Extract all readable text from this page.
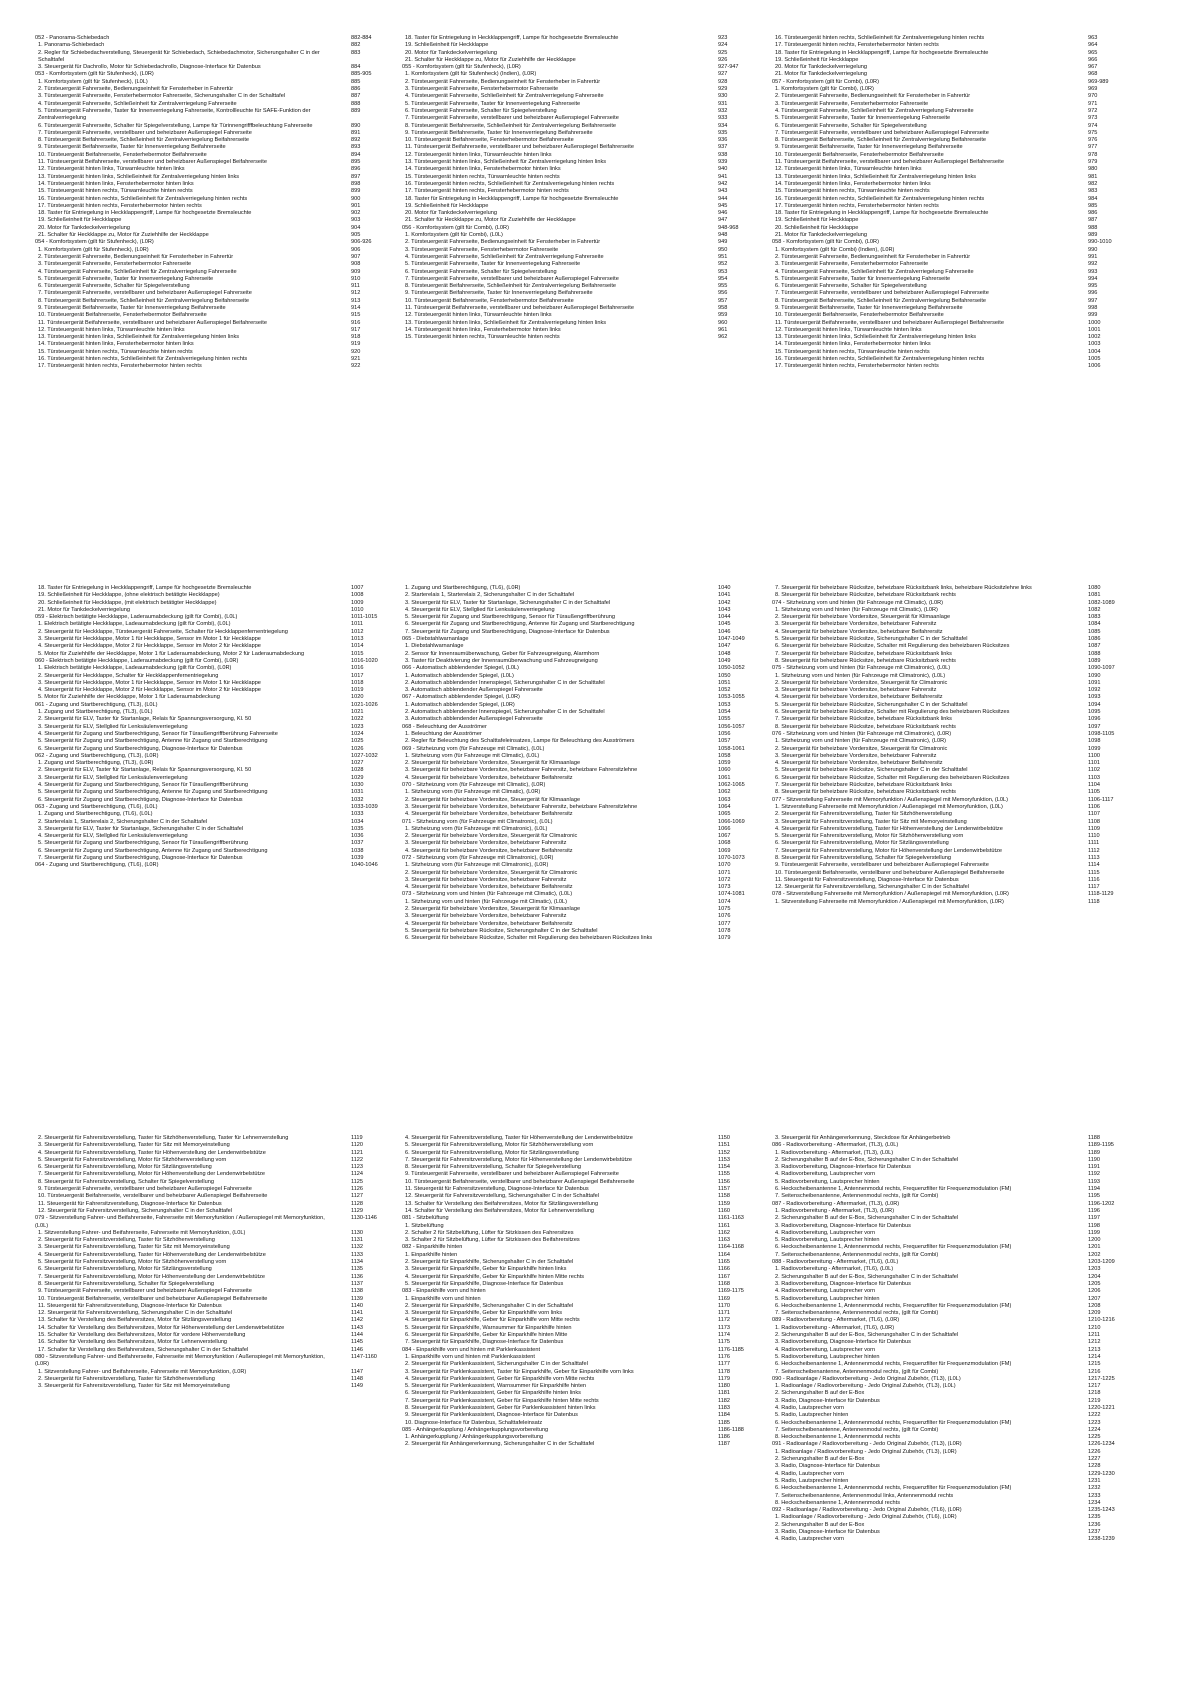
052 - Panorama-Schiebedach	882-884
1. Panorama-Schiebedach	882
2. Regler für Schiebedachverstellung, Steuergerät für Schiebedach, Schiebedachmotor, Sicherungshalter C in der Schalttafel
883
3. Steuergerät für Dachrollo, Motor für Schiebedachrollo, Diagnose-Interface für Datenbus	884
053 - Komfortsystem (gilt für Stufenheck), (L0R)	885-905
1. Komfortsystem (gilt für Stufenheck), (L0L)	885
2. Türsteuergerät Fahrerseite, Bedienungseinheit für Fensterheber in Fahrertür	886
3. Türsteuergerät Fahrerseite, Fensterhebermotor Fahrerseite, Sicherungshalter C in der Schalttafel	887
4. Türsteuergerät Fahrerseite, Schließeinheit für Zentralverriegelung Fahrerseite	888
5. Türsteuergerät Fahrerseite, Taster für Innenverriegelung Fahrerseite, Kontrollleuchte für SAFE-Funktion der Zentralverriegelung
889
6. Türsteuergerät Fahrerseite, Schalter für Spiegelverstellung, Lampe für Türinnengrifffbeleuchtung Fahrerseite	890
7. Türsteuergerät Fahrerseite, verstellbarer und beheizbarer Außenspiegel Fahrerseite	891
8. Türsteuergerät Beifahrerseite, Schließeinheit für Zentralverriegelung Beifahrerseite	892
9. Türsteuergerät Beifahrerseite, Taster für Innenverriegelung Beifahrerseite	893
10. Türsteuergerät Beifahrerseite, Fensterhebermotor Beifahrerseite	894
11. Türsteuergerät Beifahrerseite, verstellbarer und beheizbarer Außenspiegel Beifahrerseite	895
12. Türsteuergerät hinten links, Türwarnleuchte hinten links	896
13. Türsteuergerät hinten links, Schließeinheit für Zentralverriegelung hinten links	897
14. Türsteuergerät hinten links, Fensterhebermotor hinten links	898
15. Türsteuergerät hinten rechts, Türwarnleuchte hinten rechts	899
16. Türsteuergerät hinten rechts, Schließeinheit für Zentralverriegelung hinten rechts	900
17. Türsteuergerät hinten rechts, Fensterhebermotor hinten rechts	901
18. Taster für Entriegelung in Heckklappengriff, Lampe für hochgesetzte Bremsleuchte	902
19. Schließeinheit für Heckklappe	903
20. Motor für Tankdeckelverriegelung	904
21. Schalter für Heckklappe zu, Motor für Zuziehhilfe der Heckklappe	905
054 - Komfortsystem (gilt für Stufenheck), (L0R)	906-926
1. Komfortsystem (gilt für Stufenheck), (L0R)	906
2. Türsteuergerät Fahrerseite, Bedienungseinheit für Fensterheber in Fahrertür	907
3. Türsteuergerät Fahrerseite, Fensterhebermotor Fahrerseite	908
4. Türsteuergerät Fahrerseite, Schließeinheit für Zentralverriegelung Fahrerseite	909
5. Türsteuergerät Fahrerseite, Taster für Innenverriegelung Fahrerseite	910
6. Türsteuergerät Fahrerseite, Schalter für Spiegelverstellung	911
7. Türsteuergerät Fahrerseite, verstellbarer und beheizbarer Außenspiegel Fahrerseite	912
8. Türsteuergerät Beifahrerseite, Schließeinheit für Zentralverriegelung Beifahrerseite	913
9. Türsteuergerät Beifahrerseite, Taster für Innenverriegelung Beifahrerseite	914
10. Türsteuergerät Beifahrerseite, Fensterhebermotor Beifahrerseite	915
11. Türsteuergerät Beifahrerseite, verstellbarer und beheizbarer Außenspiegel Beifahrerseite	916
12. Türsteuergerät hinten links, Türwarnleuchte hinten links	917
13. Türsteuergerät hinten links, Schließeinheit für Zentralverriegelung hinten links	918
14. Türsteuergerät hinten links, Fensterhebermotor hinten links	919
15. Türsteuergerät hinten rechts, Türwarnleuchte hinten rechts	920
16. Türsteuergerät hinten rechts, Schließeinheit für Zentralverriegelung hinten rechts	921
17. Türsteuergerät hinten rechts, Fensterhebermotor hinten rechts	922
18. Taster für Entriegelung in Heckklappengriff, Lampe für hochgesetzte Bremsleuchte	923
19. Schließeinheit für Heckklappe	924
20. Motor für Tankdeckelverriegelung	925
21. Schalter für Heckklappe zu, Motor für Zuziehhilfe der Heckklappe	926
055 - Komfortsystem (gilt für Stufenheck), (L0R)	927-947
1. Komfortsystem (gilt für Stufenheck) (Indien), (L0R)	927
2. Türsteuergerät Fahrerseite, Bedienungseinheit für Fensterheber in Fahrertür	928
3. Türsteuergerät Fahrerseite, Fensterhebermotor Fahrerseite	929
4. Türsteuergerät Fahrerseite, Schließeinheit für Zentralverriegelung Fahrerseite	930
5. Türsteuergerät Fahrerseite, Taster für Innenverriegelung Fahrerseite	931
6. Türsteuergerät Fahrerseite, Schalter für Spiegelverstellung	932
7. Türsteuergerät Fahrerseite, verstellbarer und beheizbarer Außenspiegel Fahrerseite	933
8. Türsteuergerät Beifahrerseite, Schließeinheit für Zentralverriegelung Beifahrerseite	934
9. Türsteuergerät Beifahrerseite, Taster für Innenverriegelung Beifahrerseite	935
10. Türsteuergerät Beifahrerseite, Fensterhebermotor Beifahrerseite	936
11. Türsteuergerät Beifahrerseite, verstellbarer und beheizbarer Außenspiegel Beifahrerseite	937
12. Türsteuergerät hinten links, Türwarnleuchte hinten links	938
13. Türsteuergerät hinten links, Schließeinheit für Zentralverriegelung hinten links	939
14. Türsteuergerät hinten links, Fensterhebermotor hinten links	940
15. Türsteuergerät hinten rechts, Türwarnleuchte hinten rechts	941
16. Türsteuergerät hinten rechts, Schließeinheit für Zentralverriegelung hinten rechts	942
17. Türsteuergerät hinten rechts, Fensterhebermotor hinten rechts	943
18. Taster für Entriegelung in Heckklappengriff, Lampe für hochgesetzte Bremsleuchte	944
19. Schließeinheit für Heckklappe	945
20. Motor für Tankdeckelverriegelung	946
21. Schalter für Heckklappe zu, Motor für Zuziehhilfe der Heckklappe	947
056 - Komfortsystem (gilt für Combi), (L0R)	948-968
1. Komfortsystem (gilt für Combi), (L0L)	948
2. Türsteuergerät Fahrerseite, Bedienungseinheit für Fensterheber in Fahrertür	949
3. Türsteuergerät Fahrerseite, Fensterhebermotor Fahrerseite	950
4. Türsteuergerät Fahrerseite, Schließeinheit für Zentralverriegelung Fahrerseite	951
5. Türsteuergerät Fahrerseite, Taster für Innenverriegelung Fahrerseite	952
6. Türsteuergerät Fahrerseite, Schalter für Spiegelverstellung	953
7. Türsteuergerät Fahrerseite, verstellbarer und beheizbarer Außenspiegel Fahrerseite	954
8. Türsteuergerät Beifahrerseite, Schließeinheit für Zentralverriegelung Beifahrerseite	955
9. Türsteuergerät Beifahrerseite, Taster für Innenverriegelung Beifahrerseite	956
10. Türsteuergerät Beifahrerseite, Fensterhebermotor Beifahrerseite	957
11. Türsteuergerät Beifahrerseite, verstellbarer und beheizbarer Außenspiegel Beifahrerseite	958
12. Türsteuergerät hinten links, Türwarnleuchte hinten links	959
13. Türsteuergerät hinten links, Schließeinheit für Zentralverriegelung hinten links	960
14. Türsteuergerät hinten links, Fensterhebermotor hinten links	961
15. Türsteuergerät hinten rechts, Türwarnleuchte hinten rechts	962
16. Türsteuergerät hinten rechts, Schließeinheit für Zentralverriegelung hinten rechts	963
17. Türsteuergerät hinten rechts, Fensterhebermotor hinten rechts	964
18. Taster für Entriegelung in Heckklappengriff, Lampe für hochgesetzte Bremsleuchte	965
19. Schließeinheit für Heckklappe	966
20. Motor für Tankdeckelverriegelung	967
21. Motor für Tankdeckelverriegelung	968
057 - Komfortsystem (gilt für Combi), (L0R)	969-989
1. Komfortsystem (gilt für Combi), (L0R)	969
2. Türsteuergerät Fahrerseite, Bedienungseinheit für Fensterheber in Fahrertür	970
3. Türsteuergerät Fahrerseite, Fensterhebermotor Fahrerseite	971
4. Türsteuergerät Fahrerseite, Schließeinheit für Zentralverriegelung Fahrerseite	972
5. Türsteuergerät Fahrerseite, Taster für Innenverriegelung Fahrerseite	973
6. Türsteuergerät Fahrerseite, Schalter für Spiegelverstellung	974
7. Türsteuergerät Fahrerseite, verstellbarer und beheizbarer Außenspiegel Fahrerseite	975
8. Türsteuergerät Beifahrerseite, Schließeinheit für Zentralverriegelung Beifahrerseite	976
9. Türsteuergerät Beifahrerseite, Taster für Innenverriegelung Beifahrerseite	977
10. Türsteuergerät Beifahrerseite, Fensterhebermotor Beifahrerseite	978
11. Türsteuergerät Beifahrerseite, verstellbarer und beheizbarer Außenspiegel Beifahrerseite	979
12. Türsteuergerät hinten links, Türwarnleuchte hinten links	980
13. Türsteuergerät hinten links, Schließeinheit für Zentralverriegelung hinten links	981
14. Türsteuergerät hinten links, Fensterhebermotor hinten links	982
15. Türsteuergerät hinten rechts, Türwarnleuchte hinten rechts	983
16. Türsteuergerät hinten rechts, Schließeinheit für Zentralverriegelung hinten rechts	984
17. Türsteuergerät hinten rechts, Fensterhebermotor hinten rechts	985
18. Taster für Entriegelung in Heckklappengriff, Lampe für hochgesetzte Bremsleuchte	986
19. Schließeinheit für Heckklappe	987
20. Schließeinheit für Heckklappe	988
21. Motor für Tankdeckelverriegelung	989
058 - Komfortsystem (gilt für Combi), (L0R)	990-1010
1. Komfortsystem (gilt für Combi) (Indien), (L0R)	990
2. Türsteuergerät Fahrerseite, Bedienungseinheit für Fensterheber in Fahrertür	991
3. Türsteuergerät Fahrerseite, Fensterhebermotor Fahrerseite	992
4. Türsteuergerät Fahrerseite, Schließeinheit für Zentralverriegelung Fahrerseite	993
5. Türsteuergerät Fahrerseite, Taster für Innenverriegelung Fahrerseite	994
6. Türsteuergerät Fahrerseite, Schalter für Spiegelverstellung	995
7. Türsteuergerät Fahrerseite, verstellbarer und beheizbarer Außenspiegel Fahrerseite	996
8. Türsteuergerät Beifahrerseite, Schließeinheit für Zentralverriegelung Beifahrerseite	997
9. Türsteuergerät Beifahrerseite, Taster für Innenverriegelung Beifahrerseite	998
10. Türsteuergerät Beifahrerseite, Fensterhebermotor Beifahrerseite	999
11. Türsteuergerät Beifahrerseite, verstellbarer und beheizbarer Außenspiegel Beifahrerseite	1000
12. Türsteuergerät hinten links, Türwarnleuchte hinten links	1001
13. Türsteuergerät hinten links, Schließeinheit für Zentralverriegelung hinten links	1002
14. Türsteuergerät hinten links, Fensterhebermotor hinten links	1003
15. Türsteuergerät hinten rechts, Türwarnleuchte hinten rechts	1004
16. Türsteuergerät hinten rechts, Schließeinheit für Zentralverriegelung hinten rechts	1005
17. Türsteuergerät hinten rechts, Fensterhebermotor hinten rechts	1006
18. Taster für Entriegelung in Heckklappengriff, Lampe für hochgesetzte Bremsleuchte	1007
19. Schließeinheit für Heckklappe, (ohne elektrisch betätigte Heckklappe)	1008
20. Schließeinheit für Heckklappe, (mit elektrisch betätigter Heckklappe)	1009
21. Motor für Tankdeckelverriegelung	1010
059 - Elektrisch betätigte Heckklappe, Laderaumabdeckung (gilt für Combi), (L0L)	1011-1015
1. Elektrisch betätigte Heckklappe, Ladeaumabdeckung (gilt für Combi), (L0L)	1011
2. Steuergerät für Heckklappe, Türsteuergerät Fahrerseite, Schalter für Heckklappenfernentriegelung	1012
3. Steuergerät für Heckklappe, Motor 1 für Heckklappe, Sensor im Motor 1 für Heckklappe	1013
4. Steuergerät für Heckklappe, Motor 2 für Heckklappe, Sensor im Motor 2 für Heckklappe	1014
5. Motor für Zuziehhilfe der Heckklappe, Motor 1 für Laderaumabdeckung, Motor 2 für Laderaumabdeckung	1015
060 - Elektrisch betätigte Heckklappe, Laderaumabdeckung (gilt für Combi), (L0R)	1016-1020
1. Elektrisch betätigte Heckklappe, Ladeaumabdeckung (gilt für Combi), (L0R)	1016
2. Steuergerät für Heckklappe, Schalter für Heckklappenfernentriegelung	1017
3. Steuergerät für Heckklappe, Motor 1 für Heckklappe, Sensor im Motor 1 für Heckklappe	1018
4. Steuergerät für Heckklappe, Motor 2 für Heckklappe, Sensor im Motor 2 für Heckklappe	1019
5. Motor für Zuziehhilfe der Heckklappe, Motor 1 für Laderaumabdeckung	1020
061 - Zugang und Startberechtigung, (TL3), (L0L)	1021-1026
1. Zugang und Startberechtigung, (TL3), (L0L)	1021
2. Steuergerät für ELV, Taster für Startanlage, Relais für Spannungsversorgung, Kl. 50	1022
3. Steuergerät für ELV, Stellglied für Lenksäulenverriegelung	1023
4. Steuergerät für Zugang und Startberechtigung, Sensor für Türaußengriffberührung Fahrerseite	1024
5. Steuergerät für Zugang und Startberechtigung, Antenne für Zugang und Startberechtigung	1025
6. Steuergerät für Zugang und Startberechtigung, Diagnose-Interface für Datenbus	1026
062 - Zugang und Startberechtigung, (TL3), (L0R)	1027-1032
1. Zugang und Startberechtigung, (TL3), (L0R)	1027
2. Steuergerät für ELV, Taster für Startanlage, Relais für Spannungsversorgung, Kl. 50	1028
3. Steuergerät für ELV, Stellglied für Lenksäulenverriegelung	1029
4. Steuergerät für Zugang und Startberechtigung, Sensor für Türaußengriffberührung	1030
5. Steuergerät für Zugang und Startberechtigung, Antenne für Zugang und Startberechtigung	1031
6. Steuergerät für Zugang und Startberechtigung, Diagnose-Interface für Datenbus	1032
063 - Zugang und Startberechtigung, (TL6), (L0L)	1033-1039
1. Zugang und Startberechtigung, (TL6), (L0L)	1033
2. Starterelais 1, Starterelais 2, Sicherungshalter C in der Schalttafel	1034
3. Steuergerät für ELV, Taster für Startanlage, Sicherungshalter C in der Schalttafel	1035
4. Steuergerät für ELV, Stellglied für Lenksäulenverriegelung	1036
5. Steuergerät für Zugang und Startberechtigung, Sensor für Türaußengriffberührung	1037
6. Steuergerät für Zugang und Startberechtigung, Antenne für Zugang und Startberechtigung	1038
7. Steuergerät für Zugang und Startberechtigung, Diagnose-Interface für Datenbus	1039
064 - Zugang und Startberechtigung, (TL6), (L0R)	1040-1046
1. Zugang und Startberechtigung, (TL6), (L0R)	1040
2. Starterelais 1, Starterelais 2, Sicherungshalter C in der Schalttafel	1041
3. Steuergerät für ELV, Taster für Startanlage, Sicherungshalter C in der Schalttafel	1042
4. Steuergerät für ELV, Stellglied für Lenksäulenverriegelung	1043
5. Steuergerät für Zugang und Startberechtigung, Sensor für Türaußengriffberührung	1044
6. Steuergerät für Zugang und Startberechtigung, Antenne für Zugang und Startberechtigung	1045
7. Steuergerät für Zugang und Startberechtigung, Diagnose-Interface für Datenbus	1046
065 - Diebstahlwarnanlage	1047-1049
1. Diebstahlwarnanlage	1047
2. Sensor für Innenraumüberwachung, Geber für Fahrzeugneigung, Alarmhorn	1048
3. Taster für Deaktivierung der Innenraumüberwachung und Fahrzeugneigung	1049
066 - Automatisch abblendender Spiegel, (L0L)	1050-1052
1. Automatisch abblendender Spiegel, (L0L)	1050
2. Automatisch abblendender Innenspiegel, Sicherungshalter C in der Schalttafel	1051
3. Automatisch abblendender Außenspiegel Fahrerseite	1052
067 - Automatisch abblendender Spiegel, (L0R)	1053-1055
1. Automatisch abblendender Spiegel, (L0R)	1053
2. Automatisch abblendender Innenspiegel, Sicherungshalter C in der Schalttafel	1054
3. Automatisch abblendender Außenspiegel Fahrerseite	1055
068 - Beleuchtung der Ausströmer	1056-1057
1. Beleuchtung der Ausströmer	1056
2. Regler für Beleuchtung des Schalttafeleinsatzes, Lampe für Beleuchtung des Ausströmers	1057
069 - Sitzheizung vorn (für Fahrzeuge mit Climatic), (L0L)	1058-1061
1. Sitzheizung vorn (für Fahrzeuge mit Climatic), (L0L)	1058
2. Steuergerät für beheizbare Vordersitze, Steuergerät für Klimaanlage	1059
3. Steuergerät für beheizbare Vordersitze, beheizbarer Fahrersitz, beheizbare Fahrersitzlehne	1060
4. Steuergerät für beheizbare Vordersitze, beheizbarer Beifahrersitz	1061
070 - Sitzheizung vorn (für Fahrzeuge mit Climatic), (L0R)	1062-1065
1. Sitzheizung vorn (für Fahrzeuge mit Climatic), (L0R)	1062
2. Steuergerät für beheizbare Vordersitze, Steuergerät für Klimaanlage	1063
3. Steuergerät für beheizbare Vordersitze, beheizbarer Fahrersitz, beheizbare Fahrersitzlehne	1064
4. Steuergerät für beheizbare Vordersitze, beheizbarer Beifahrersitz	1065
071 - Sitzheizung vorn (für Fahrzeuge mit Climatronic), (L0L)	1066-1069
1. Sitzheizung vorn (für Fahrzeuge mit Climatronic), (L0L)	1066
2. Steuergerät für beheizbare Vordersitze, Steuergerät für Climatronic	1067
3. Steuergerät für beheizbare Vordersitze, beheizbarer Fahrersitz	1068
4. Steuergerät für beheizbare Vordersitze, beheizbarer Beifahrersitz	1069
072 - Sitzheizung vorn (für Fahrzeuge mit Climatronic), (L0R)	1070-1073
1. Sitzheizung vorn (für Fahrzeuge mit Climatronic), (L0R)	1070
2. Steuergerät für beheizbare Vordersitze, Steuergerät für Climatronic	1071
3. Steuergerät für beheizbare Vordersitze, beheizbarer Fahrersitz	1072
4. Steuergerät für beheizbare Vordersitze, beheizbarer Beifahrersitz	1073
073 - Sitzheizung vorn und hinten (für Fahrzeuge mit Climatic), (L0L)	1074-1081
1. Sitzheizung vorn und hinten (für Fahrzeuge mit Climatic), (L0L)	1074
2. Steuergerät für beheizbare Vordersitze, Steuergerät für Klimaanlage	1075
3. Steuergerät für beheizbare Vordersitze, beheizbarer Fahrersitz	1076
4. Steuergerät für beheizbare Vordersitze, beheizbarer Beifahrersitz	1077
5. Steuergerät für beheizbare Rücksitze, Sicherungshalter C in der Schalttafel	1078
6. Steuergerät für beheizbare Rücksitze, Schalter mit Regulierung des beheizbaren Rücksitzes links	1079
7. Steuergerät für beheizbare Rücksitze, beheizbare Rücksitzbank links, beheizbare Rücksitzlehne links	1080
8. Steuergerät für beheizbare Rücksitze, beheizbare Rücksitzbank rechts	1081
074 - Sitzheizung vorn und hinten (für Fahrzeuge mit Climatic), (L0R)	1082-1089
1. Sitzheizung vorn und hinten (für Fahrzeuge mit Climatic), (L0R)	1082
2. Steuergerät für beheizbare Vordersitze, Steuergerät für Klimaanlage	1083
3. Steuergerät für beheizbare Vordersitze, beheizbarer Fahrersitz	1084
4. Steuergerät für beheizbare Vordersitze, beheizbarer Beifahrersitz	1085
5. Steuergerät für beheizbare Rücksitze, Sicherungshalter C in der Schalttafel	1086
6. Steuergerät für beheizbare Rücksitze, Schalter mit Regulierung des beheizbaren Rücksitzes	1087
7. Steuergerät für beheizbare Rücksitze, beheizbare Rücksitzbank links	1088
8. Steuergerät für beheizbare Rücksitze, beheizbare Rücksitzbank rechts	1089
075 - Sitzheizung vorn und hinten (für Fahrzeuge mit Climatronic), (L0L)	1090-1097
1. Sitzheizung vorn und hinten (für Fahrzeuge mit Climatronic), (L0L)	1090
2. Steuergerät für beheizbare Vordersitze, Steuergerät für Climatronic	1091
3. Steuergerät für beheizbare Vordersitze, beheizbarer Fahrersitz	1092
4. Steuergerät für beheizbare Vordersitze, beheizbarer Beifahrersitz	1093
5. Steuergerät für beheizbare Rücksitze, Sicherungshalter C in der Schalttafel	1094
6. Steuergerät für beheizbare Rücksitze, Schalter mit Regulierung des beheizbaren Rücksitzes	1095
7. Steuergerät für beheizbare Rücksitze, beheizbare Rücksitzbank links	1096
8. Steuergerät für beheizbare Rücksitze, beheizbare Rücksitzbank rechts	1097
076 - Sitzheizung vorn und hinten (für Fahrzeuge mit Climatronic), (L0R)	1098-1105
1. Sitzheizung vorn und hinten (für Fahrzeuge mit Climatronic), (L0R)	1098
2. Steuergerät für beheizbare Vordersitze, Steuergerät für Climatronic	1099
3. Steuergerät für beheizbare Vordersitze, beheizbarer Fahrersitz	1100
4. Steuergerät für beheizbare Vordersitze, beheizbarer Beifahrersitz	1101
5. Steuergerät für beheizbare Rücksitze, Sicherungshalter C in der Schalttafel	1102
6. Steuergerät für beheizbare Rücksitze, Schalter mit Regulierung des beheizbaren Rücksitzes	1103
7. Steuergerät für beheizbare Rücksitze, beheizbare Rücksitzbank links	1104
8. Steuergerät für beheizbare Rücksitze, beheizbare Rücksitzbank rechts	1105
077 - Sitzverstellung Fahrerseite mit Memoryfunktion / Außenspiegel mit Memoryfunktion, (L0L)	1106-1117
1. Sitzverstellung Fahrerseite mit Memoryfunktion / Außenspiegel mit Memoryfunktion, (L0L)	1106
2. Steuergerät für Fahrersitzverstellung, Taster für Sitzhöhenverstellung	1107
3. Steuergerät für Fahrersitzverstellung, Taster für Sitz mit Memoryeinstellung	1108
4. Steuergerät für Fahrersitzverstellung, Taster für Höhenverstellung der Lendenwirbelstütze	1109
5. Steuergerät für Fahrersitzverstellung, Motor für Sitzhöhenverstellung vorn	1110
6. Steuergerät für Fahrersitzverstellung, Motor für Sitzlängsverstellung	1111
7. Steuergerät für Fahrersitzverstellung, Motor für Höhenverstellung der Lendenwirbelstütze	1112
8. Steuergerät für Fahrersitzverstellung, Schalter für Spiegelverstellung	1113
9. Türsteuergerät Fahrerseite, verstellbarer und beheizbarer Außenspiegel Fahrerseite	1114
10. Türsteuergerät Beifahrerseite, verstellbarer und beheizbarer Außenspiegel Beifahrerseite	1115
11. Steuergerät für Fahrersitzverstellung, Diagnose-Interface für Datenbus	1116
12. Steuergerät für Fahrersitzverstellung, Sicherungshalter C in der Schalttafel	1117
078 - Sitzverstellung Fahrerseite mit Memoryfunktion / Außenspiegel mit Memoryfunktion, (L0R)	1118-1129
1. Sitzverstellung Fahrerseite mit Memoryfunktion / Außenspiegel mit Memoryfunktion, (L0R)	1118
2. Steuergerät für Fahrersitzverstellung, Taster für Sitzhöhenverstellung, Taster für Lehnenverstellung	1119
3. Steuergerät für Fahrersitzverstellung, Taster für Sitz mit Memoryeinstellung	1120
4. Steuergerät für Fahrersitzverstellung, Taster für Höhenverstellung der Lendenwirbelstütze	1121
5. Steuergerät für Fahrersitzverstellung, Motor für Sitzhöhenverstellung vorn	1122
6. Steuergerät für Fahrersitzverstellung, Motor für Sitzlängsverstellung	1123
7. Steuergerät für Fahrersitzverstellung, Motor für Höhenverstellung der Lendenwirbelstütze	1124
8. Steuergerät für Fahrersitzverstellung, Schalter für Spiegelverstellung	1125
9. Türsteuergerät Fahrerseite, verstellbarer und beheizbarer Außenspiegel Fahrerseite	1126
10. Türsteuergerät Beifahrerseite, verstellbarer und beheizbarer Außenspiegel Beifahrerseite	1127
11. Steuergerät für Fahrersitzverstellung, Diagnose-Interface für Datenbus	1128
12. Steuergerät für Fahrersitzverstellung, Sicherungshalter C in der Schalttafel	1129
079 - Sitzverstellung Fahrer- und Beifahrerseite, Fahrerseite mit Memoryfunktion / Außenspiegel mit Memoryfunktion, (L0L)
1130-1146
1. Sitzverstellung Fahrer- und Beifahrerseite, Fahrerseite mit Memoryfunktion, (L0L)	1130
2. Steuergerät für Fahrersitzverstellung, Taster für Sitzhöhenverstellung	1131
3. Steuergerät für Fahrersitzverstellung, Taster für Sitz mit Memoryeinstellung	1132
4. Steuergerät für Fahrersitzverstellung, Taster für Höhenverstellung der Lendenwirbelstütze	1133
5. Steuergerät für Fahrersitzverstellung, Motor für Sitzhöhenverstellung vorn	1134
6. Steuergerät für Fahrersitzverstellung, Motor für Sitzlängsverstellung	1135
7. Steuergerät für Fahrersitzverstellung, Motor für Höhenverstellung der Lendenwirbelstütze	1136
8. Steuergerät für Fahrersitzverstellung, Schalter für Spiegelverstellung	1137
9. Türsteuergerät Fahrerseite, verstellbarer und beheizbarer Außenspiegel Fahrerseite	1138
10. Türsteuergerät Beifahrerseite, verstellbarer und beheizbarer Außenspiegel Beifahrerseite	1139
11. Steuergerät für Fahrersitzverstellung, Diagnose-Interface für Datenbus	1140
12. Steuergerät für Fahrersitzverstellung, Sicherungshalter C in der Schalttafel	1141
13. Schalter für Verstellung des Beifahrersitzes, Motor für Sitzlängsverstellung	1142
14. Schalter für Verstellung des Beifahrersitzes, Motor für Höhenverstellung der Lendenwirbelstütze	1143
15. Schalter für Verstellung des Beifahrersitzes, Motor für vordere Höhenverstellung	1144
16. Schalter für Verstellung des Beifahrersitzes, Motor für Lehnenverstellung	1145
17. Schalter für Verstellung des Beifahrersitzes, Sicherungshalter C in der Schalttafel	1146
080 - Sitzverstellung Fahrer- und Beifahrerseite, Fahrerseite mit Memoryfunktion / Außenspiegel mit Memoryfunktion, (L0R)
1147-1160
1. Sitzverstellung Fahrer- und Beifahrerseite, Fahrerseite mit Memoryfunktion, (L0R)	1147
2. Steuergerät für Fahrersitzverstellung, Taster für Sitzhöhenverstellung	1148
3. Steuergerät für Fahrersitzverstellung, Taster für Sitz mit Memoryeinstellung	1149
4. Steuergerät für Fahrersitzverstellung, Taster für Höhenverstellung der Lendenwirbelstütze	1150
5. Steuergerät für Fahrersitzverstellung, Motor für Sitzhöhenverstellung vorn	1151
6. Steuergerät für Fahrersitzverstellung, Motor für Sitzlängsverstellung	1152
7. Steuergerät für Fahrersitzverstellung, Motor für Höhenverstellung der Lendenwirbelstütze	1153
8. Steuergerät für Fahrersitzverstellung, Schalter für Spiegelverstellung	1154
9. Türsteuergerät Fahrerseite, verstellbarer und beheizbarer Außenspiegel Fahrerseite	1155
10. Türsteuergerät Beifahrerseite, verstellbarer und beheizbarer Außenspiegel Beifahrerseite	1156
11. Steuergerät für Fahrersitzverstellung, Diagnose-Interface für Datenbus	1157
12. Steuergerät für Fahrersitzverstellung, Sicherungshalter C in der Schalttafel	1158
13. Schalter für Verstellung des Beifahrersitzes, Motor für Sitzlängsverstellung	1159
14. Schalter für Verstellung des Beifahrersitzes, Motor für Lehnenverstellung	1160
081 - Sitzbelüftung	1161-1163
1. Sitzbelüftung	1161
2. Schalter 2 für Sitzbelüftung, Lüfter für Sitzkissen des Fahrersitzes	1162
3. Schalter 2 für Sitzbelüftung, Lüfter für Sitzkissen des Beifahrersitzes	1163
082 - Einparkhilfe hinten	1164-1168
1. Einparkhilfe hinten	1164
2. Steuergerät für Einparkhilfe, Sicherungshalter C in der Schalttafel	1165
3. Steuergerät für Einparkhilfe, Geber für Einparkhilfe hinten links	1166
4. Steuergerät für Einparkhilfe, Geber für Einparkhilfe hinten Mitte rechts	1167
5. Steuergerät für Einparkhilfe, Diagnose-Interface für Datenbus	1168
083 - Einparkhilfe vorn und hinten	1169-1175
1. Einparkhilfe vorn und hinten	1169
2. Steuergerät für Einparkhilfe, Sicherungshalter C in der Schalttafel	1170
3. Steuergerät für Einparkhilfe, Geber für Einparkhilfe vorn links	1171
4. Steuergerät für Einparkhilfe, Geber für Einparkhilfe vorn Mitte rechts	1172
5. Steuergerät für Einparkhilfe, Warnsummer für Einparkhilfe hinten	1173
6. Steuergerät für Einparkhilfe, Geber für Einparkhilfe hinten Mitte	1174
7. Steuergerät für Einparkhilfe, Diagnose-Interface für Datenbus	1175
084 - Einparkhilfe vorn und hinten mit Parklenkassistent	1176-1185
1. Einparkhilfe vorn und hinten mit Parklenkassistent	1176
2. Steuergerät für Parklenkassistent, Sicherungshalter C in der Schalttafel	1177
3. Steuergerät für Parklenkassistent, Taster für Einparkhilfe, Geber für Einparkhilfe vorn links	1178
4. Steuergerät für Parklenkassistent, Geber für Einparkhilfe vorn Mitte rechts	1179
5. Steuergerät für Parklenkassistent, Warnsummer für Einparkhilfe hinten	1180
6. Steuergerät für Parklenkassistent, Geber für Einparkhilfe hinten links	1181
7. Steuergerät für Parklenkassistent, Geber für Einparkhilfe hinten Mitte rechts	1182
8. Steuergerät für Parklenkassistent, Geber für Parklenkassistent hinten links	1183
9. Steuergerät für Parklenkassistent, Diagnose-Interface für Datenbus	1184
10. Diagnose-Interface für Datenbus, Schalttafeleinsatz	1185
085 - Anhängerkupplung / Anhängerkupplungsvorbereitung	1186-1188
1. Anhängerkupplung / Anhängerkupplungsvorbereitung	1186
2. Steuergerät für Anhängererkennung, Sicherungshalter C in der Schalttafel	1187
3. Steuergerät für Anhängererkennung, Steckdose für Anhängerbetrieb	1188
086 - Radiovorbereitung - Aftermarket, (TL3), (L0L)	1189-1195
1. Radiovorbereitung - Aftermarket, (TL3), (L0L)	1189
2. Sicherungshalter B auf der E-Box, Sicherungshalter C in der Schalttafel	1190
3. Radiovorbereitung, Diagnose-Interface für Datenbus	1191
4. Radiovorbereitung, Lautsprecher vorn	1192
5. Radiovorbereitung, Lautsprecher hinten	1193
6. Heckscheibenantenne 1, Antennenmodul rechts, Frequenzfilter für Frequenzmodulation (FM)	1194
7. Seitenscheibenantenne, Antennenmodul rechts, (gilt für Combi)	1195
087 - Radiovorbereitung - Aftermarket, (TL3), (L0R)	1196-1202
1. Radiovorbereitung - Aftermarket, (TL3), (L0R)	1196
2. Sicherungshalter B auf der E-Box, Sicherungshalter C in der Schalttafel	1197
3. Radiovorbereitung, Diagnose-Interface für Datenbus	1198
4. Radiovorbereitung, Lautsprecher vorn	1199
5. Radiovorbereitung, Lautsprecher hinten	1200
6. Heckscheibenantenne 1, Antennenmodul rechts, Frequenzfilter für Frequenzmodulation (FM)	1201
7. Seitenscheibenantenne, Antennenmodul rechts, (gilt für Combi)	1202
088 - Radiovorbereitung - Aftermarket, (TL6), (L0L)	1203-1209
1. Radiovorbereitung - Aftermarket, (TL6), (L0L)	1203
2. Sicherungshalter B auf der E-Box, Sicherungshalter C in der Schalttafel	1204
3. Radiovorbereitung, Diagnose-Interface für Datenbus	1205
4. Radiovorbereitung, Lautsprecher vorn	1206
5. Radiovorbereitung, Lautsprecher hinten	1207
6. Heckscheibenantenne 1, Antennenmodul rechts, Frequenzfilter für Frequenzmodulation (FM)	1208
7. Seitenscheibenantenne, Antennenmodul rechts, (gilt für Combi)	1209
089 - Radiovorbereitung - Aftermarket, (TL6), (L0R)	1210-1216
1. Radiovorbereitung - Aftermarket, (TL6), (L0R)	1210
2. Sicherungshalter B auf der E-Box, Sicherungshalter C in der Schalttafel	1211
3. Radiovorbereitung, Diagnose-Interface für Datenbus	1212
4. Radiovorbereitung, Lautsprecher vorn	1213
5. Radiovorbereitung, Lautsprecher hinten	1214
6. Heckscheibenantenne 1, Antennenmodul rechts, Frequenzfilter für Frequenzmodulation (FM)	1215
7. Seitenscheibenantenne, Antennenmodul rechts, (gilt für Combi)	1216
090 - Radioanlage / Radiovorbereitung - Jedo Original Zubehör, (TL3), (L0L)	1217-1225
1. Radioanlage / Radiovorbereitung - Jedo Original Zubehör, (TL3), (L0L)	1217
2. Sicherungshalter B auf der E-Box	1218
3. Radio, Diagnose-Interface für Datenbus	1219
4. Radio, Lautsprecher vorn	1220-1221
5. Radio, Lautsprecher hinten	1222
6. Heckscheibenantenne 1, Antennenmodul rechts, Frequenzfilter für Frequenzmodulation (FM)	1223
7. Seitenscheibenantenne, Antennenmodul rechts, (gilt für Combi)	1224
8. Heckscheibenantenne 1, Antennenmodul rechts	1225
091 - Radioanlage / Radiovorbereitung - Jedo Original Zubehör, (TL3), (L0R)	1226-1234
1. Radioanlage / Radiovorbereitung - Jedo Original Zubehör, (TL3), (L0R)	1226
2. Sicherungshalter B auf der E-Box	1227
3. Radio, Diagnose-Interface für Datenbus	1228
4. Radio, Lautsprecher vorn	1229-1230
5. Radio, Lautsprecher hinten	1231
6. Heckscheibenantenne 1, Antennenmodul rechts, Frequenzfilter für Frequenzmodulation (FM)	1232
7. Seitenscheibenantenne, Antennenmodul links, Antennenmodul rechts	1233
8. Heckscheibenantenne 1, Antennenmodul rechts	1234
092 - Radioanlage / Radiovorbereitung - Jedo Original Zubehör, (TL6), (L0R)	1235-1243
1. Radioanlage / Radiovorbereitung - Jedo Original Zubehör, (TL6), (L0R)	1235
2. Sicherungshalter B auf der E-Box	1236
3. Radio, Diagnose-Interface für Datenbus	1237
4. Radio, Lautsprecher vorn	1238-1239
